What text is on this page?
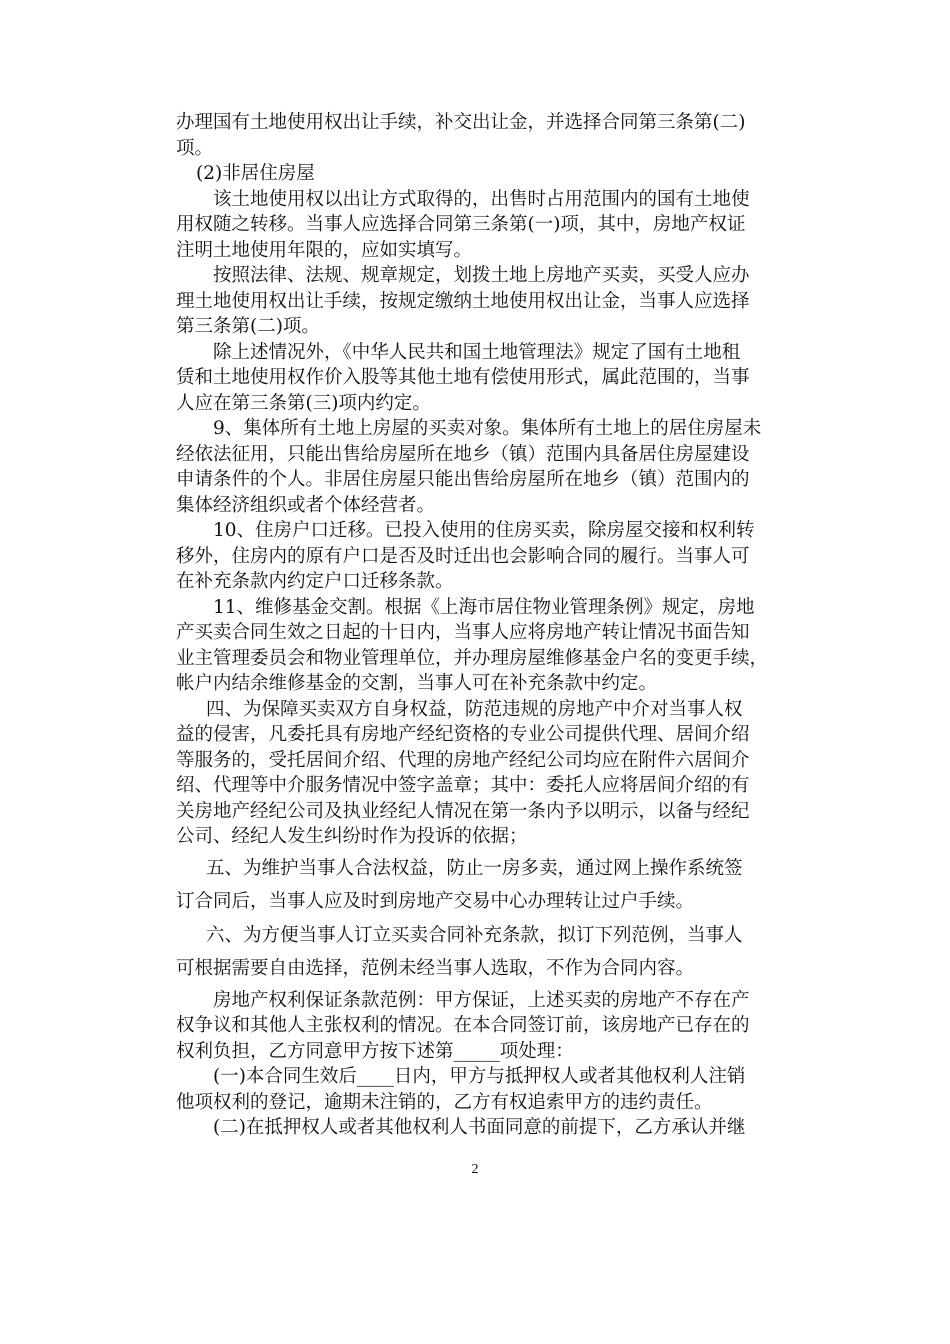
办理国有土地使用权出让手续，补交出让金，并选择合同第三条第(二)
项。
(2)非居住房屋
该土地使用权以出让方式取得的，出售时占用范围内的国有土地使
用权随之转移。当事人应选择合同第三条第(一)项，其中，房地产权证
注明土地使用年限的，应如实填写。
按照法律、法规、规章规定，划拨土地上房地产买卖，买受人应办
理土地使用权出让手续，按规定缴纳土地使用权出让金，当事人应选择
第三条第(二)项。
除上述情况外，《中华人民共和国土地管理法》规定了国有土地租
赁和土地使用权作价入股等其他土地有偿使用形式，属此范围的，当事
人应在第三条第(三)项内约定。
9、集体所有土地上房屋的买卖对象。集体所有土地上的居住房屋未
经依法征用，只能出售给房屋所在地乡（镇）范围内具备居住房屋建设
申请条件的个人。非居住房屋只能出售给房屋所在地乡（镇）范围内的
集体经济组织或者个体经营者。
10、住房户口迁移。已投入使用的住房买卖，除房屋交接和权利转
移外，住房内的原有户口是否及时迁出也会影响合同的履行。当事人可
在补充条款内约定户口迁移条款。
11、维修基金交割。根据《上海市居住物业管理条例》规定，房地
产买卖合同生效之日起的十日内，当事人应将房地产转让情况书面告知
业主管理委员会和物业管理单位，并办理房屋维修基金户名的变更手续，
帐户内结余维修基金的交割，当事人可在补充条款中约定。
四、为保障买卖双方自身权益，防范违规的房地产中介对当事人权
益的侵害，凡委托具有房地产经纪资格的专业公司提供代理、居间介绍
等服务的，受托居间介绍、代理的房地产经纪公司均应在附件六居间介
绍、代理等中介服务情况中签字盖章；其中：委托人应将居间介绍的有
关房地产经纪公司及执业经纪人情况在第一条内予以明示，以备与经纪
公司、经纪人发生纠纷时作为投诉的依据；
五、为维护当事人合法权益，防止一房多卖，通过网上操作系统签
订合同后，当事人应及时到房地产交易中心办理转让过户手续。
六、为方便当事人订立买卖合同补充条款，拟订下列范例，当事人
可根据需要自由选择，范例未经当事人选取，不作为合同内容。
房地产权利保证条款范例：甲方保证，上述买卖的房地产不存在产
权争议和其他人主张权利的情况。在本合同签订前，该房地产已存在的
权利负担，乙方同意甲方按下述第_____项处理：
(一)本合同生效后____日内，甲方与抵押权人或者其他权利人注销
他项权利的登记，逾期未注销的，乙方有权追索甲方的违约责任。
(二)在抵押权人或者其他权利人书面同意的前提下，乙方承认并继
2
